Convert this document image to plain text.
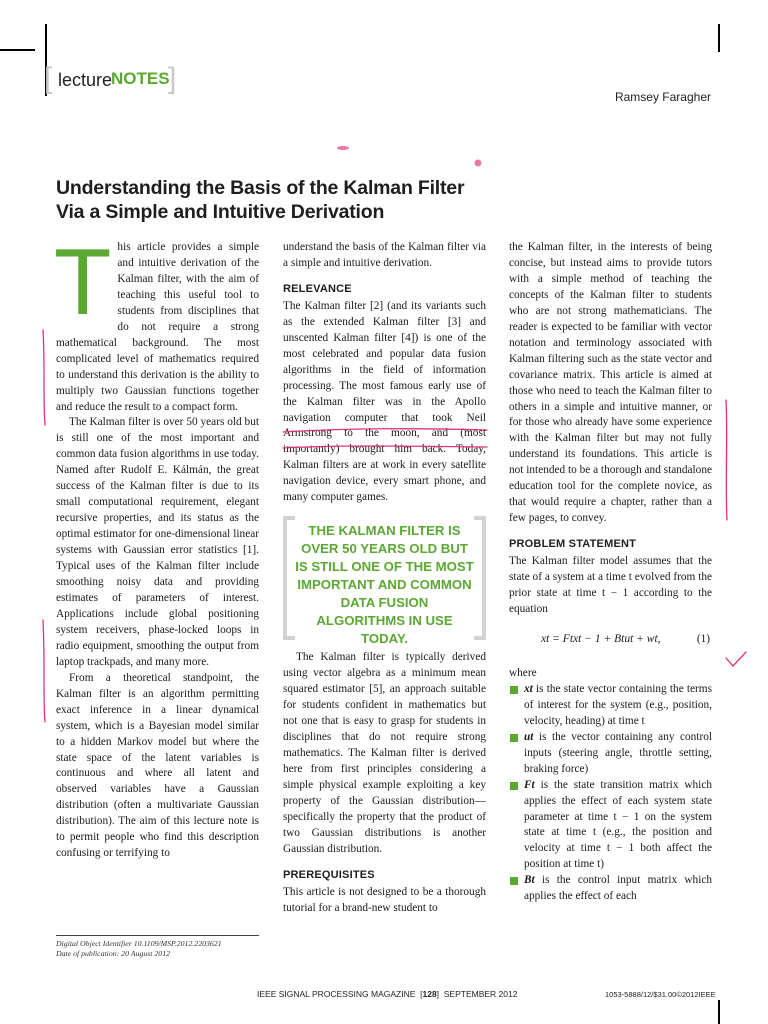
[ lecture
NOTES
]
Ramsey Faragher
Understanding the Basis of the Kalman Filter
Via a Simple and Intuitive Derivation
T his article provides a simple and intuitive derivation of the Kalman filter, with the aim of teaching this useful tool to students from disciplines that do not require a strong mathematical background. The most complicated level of mathematics required to understand this derivation is the ability to multiply two Gaussian functions together and reduce the result to a compact form.

The Kalman filter is over 50 years old but is still one of the most important and common data fusion algorithms in use today. Named after Rudolf E. Kálmán, the great success of the Kalman filter is due to its small computational requirement, elegant recursive properties, and its status as the optimal estimator for one-dimensional linear systems with Gaussian error statistics [1]. Typical uses of the Kalman filter include smoothing noisy data and providing estimates of parameters of interest. Applications include global positioning system receivers, phase-locked loops in radio equipment, smoothing the output from laptop trackpads, and many more.

From a theoretical standpoint, the Kalman filter is an algorithm permitting exact inference in a linear dynamical system, which is a Bayesian model similar to a hidden Markov model but where the state space of the latent variables is continuous and where all latent and observed variables have a Gaussian distribution (often a multivariate Gaussian distribution). The aim of this lecture note is to permit people who find this description confusing or terrifying to

understand the basis of the Kalman filter via a simple and intuitive derivation.

RELEVANCE

The Kalman filter [2] (and its variants such as the extended Kalman filter [3] and unscented Kalman filter [4]) is one of the most celebrated and popular data fusion algorithms in the field of information processing. The most famous early use of the Kalman filter was in the Apollo navigation computer that took Neil Armstrong to the moon, and (most importantly) brought him back. Today, Kalman filters are at work in every satellite navigation device, every smart phone, and many computer games.

THE KALMAN FILTER IS OVER 50 YEARS OLD BUT IS STILL ONE OF THE MOST IMPORTANT AND COMMON DATA FUSION ALGORITHMS IN USE TODAY.

The Kalman filter is typically derived using vector algebra as a minimum mean squared estimator [5], an approach suitable for students confident in mathematics but not one that is easy to grasp for students in disciplines that do not require strong mathematics. The Kalman filter is derived here from first principles considering a simple physical example exploiting a key property of the Gaussian distribution—specifically the property that the product of two Gaussian distributions is another Gaussian distribution.

PREREQUISITES

This article is not designed to be a thorough tutorial for a brand-new student to

the Kalman filter, in the interests of being concise, but instead aims to provide tutors with a simple method of teaching the concepts of the Kalman filter to students who are not strong mathematicians. The reader is expected to be familiar with vector notation and terminology associated with Kalman filtering such as the state vector and covariance matrix. This article is aimed at those who need to teach the Kalman filter to others in a simple and intuitive manner, or for those who already have some experience with the Kalman filter but may not fully understand its foundations. This article is not intended to be a thorough and standalone education tool for the complete novice, as that would require a chapter, rather than a few pages, to convey.

PROBLEM STATEMENT

The Kalman filter model assumes that the state of a system at a time t evolved from the prior state at time t − 1 according to the equation

xt = Ftxt − 1 + Btut + wt,	(1)

where

xt is the state vector containing the terms of interest for the system (e.g., position, velocity, heading) at time t
ut is the vector containing any control inputs (steering angle, throttle setting, braking force)
Ft is the state transition matrix which applies the effect of each system state parameter at time t − 1 on the system state at time t (e.g., the position and velocity at time t − 1 both affect the position at time t)
Bt is the control input matrix which applies the effect of each
Digital Object Identifier 10.1109/MSP.2012.2203621
Date of publication: 20 August 2012
IEEE SIGNAL PROCESSING MAGAZINE  [128]  SEPTEMBER 2012	1053-5888/12/$31.00©2012IEEE
